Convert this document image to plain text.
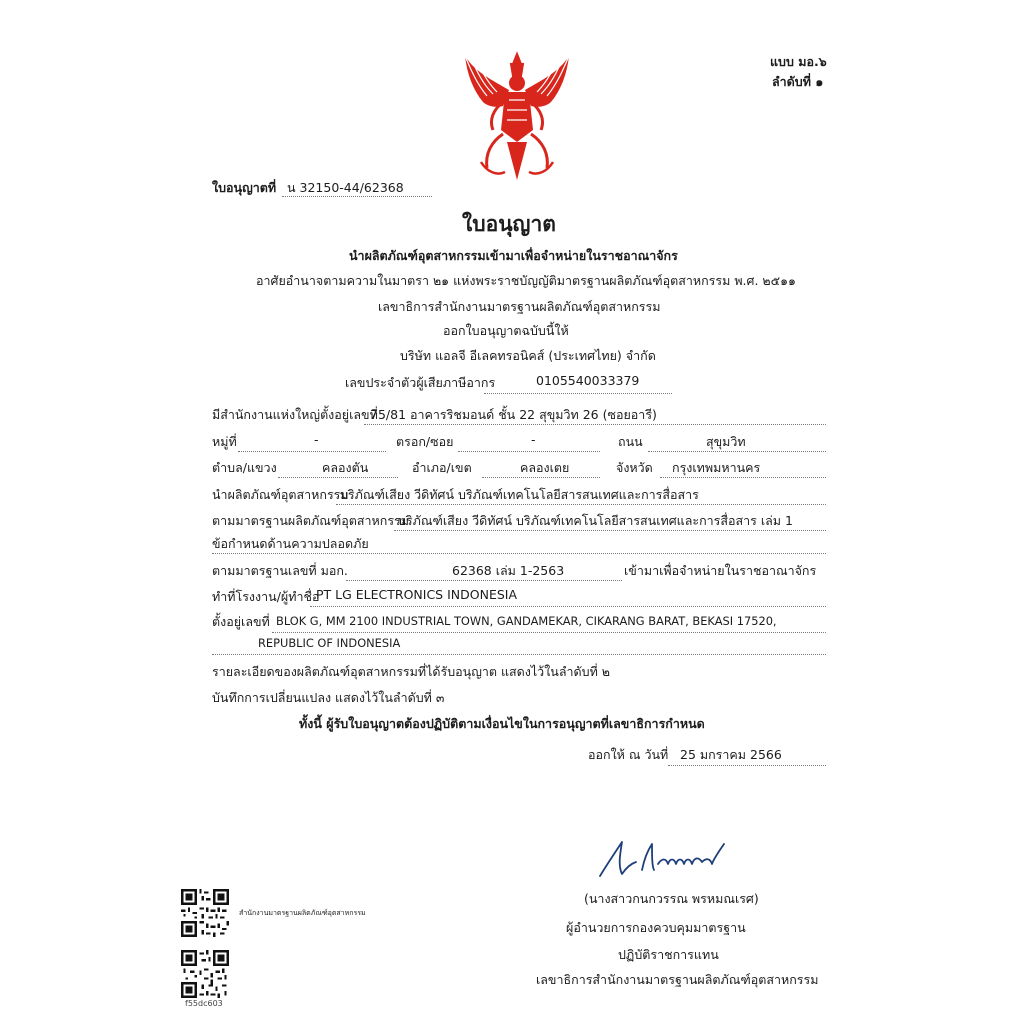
แบบ มอ.๖
ลำดับที่ ๑
ใบอนุญาตที่ น 32150-44/62368
ใบอนุญาต
นำผลิตภัณฑ์อุตสาหกรรมเข้ามาเพื่อจำหน่ายในราชอาณาจักร
อาศัยอำนาจตามความในมาตรา ๒๑ แห่งพระราชบัญญัติมาตรฐานผลิตภัณฑ์อุตสาหกรรม พ.ศ. ๒๕๑๑
เลขาธิการสำนักงานมาตรฐานผลิตภัณฑ์อุตสาหกรรม
ออกใบอนุญาตฉบับนี้ให้
บริษัท แอลจี อีเลคทรอนิคส์ (ประเทศไทย) จำกัด
เลขประจำตัวผู้เสียภาษีอากร	0105540033379
มีสำนักงานแห่งใหญ่ตั้งอยู่เลขที่
75/81 อาคารริชมอนด์ ชั้น 22 สุขุมวิท 26 (ซอยอารี)
หมู่ที่	-	ตรอก/ซอย	-	ถนน	สุขุมวิท
ตำบล/แขวง	คลองตัน	อำเภอ/เขต	คลองเตย	จังหวัด กรุงเทพมหานคร
นำผลิตภัณฑ์อุตสาหกรรม
บริภัณฑ์เสียง วีดิทัศน์ บริภัณฑ์เทคโนโลยีสารสนเทศและการสื่อสาร
ตามมาตรฐานผลิตภัณฑ์อุตสาหกรรม
บริภัณฑ์เสียง วีดิทัศน์ บริภัณฑ์เทคโนโลยีสารสนเทศและการสื่อสาร เล่ม 1
ข้อกำหนดด้านความปลอดภัย
ตามมาตรฐานเลขที่ มอก.	62368 เล่ม 1-2563	เข้ามาเพื่อจำหน่ายในราชอาณาจักร
ทำที่โรงงาน/ผู้ทำชื่อ
PT LG ELECTRONICS INDONESIA
ตั้งอยู่เลขที่ BLOK G, MM 2100 INDUSTRIAL TOWN, GANDAMEKAR, CIKARANG BARAT, BEKASI 17520,
REPUBLIC OF INDONESIA
รายละเอียดของผลิตภัณฑ์อุตสาหกรรมที่ได้รับอนุญาต แสดงไว้ในลำดับที่ ๒
บันทึกการเปลี่ยนแปลง แสดงไว้ในลำดับที่ ๓
ทั้งนี้ ผู้รับใบอนุญาตต้องปฏิบัติตามเงื่อนไขในการอนุญาตที่เลขาธิการกำหนด
ออกให้ ณ วันที่ 25 มกราคม 2566
(นางสาวกนกวรรณ พรหมณเรศ)
ผู้อำนวยการกองควบคุมมาตรฐาน
ปฏิบัติราชการแทน
เลขาธิการสำนักงานมาตรฐานผลิตภัณฑ์อุตสาหกรรม
สำนักงานมาตรฐานผลิตภัณฑ์อุตสาหกรรม
f55dc603
